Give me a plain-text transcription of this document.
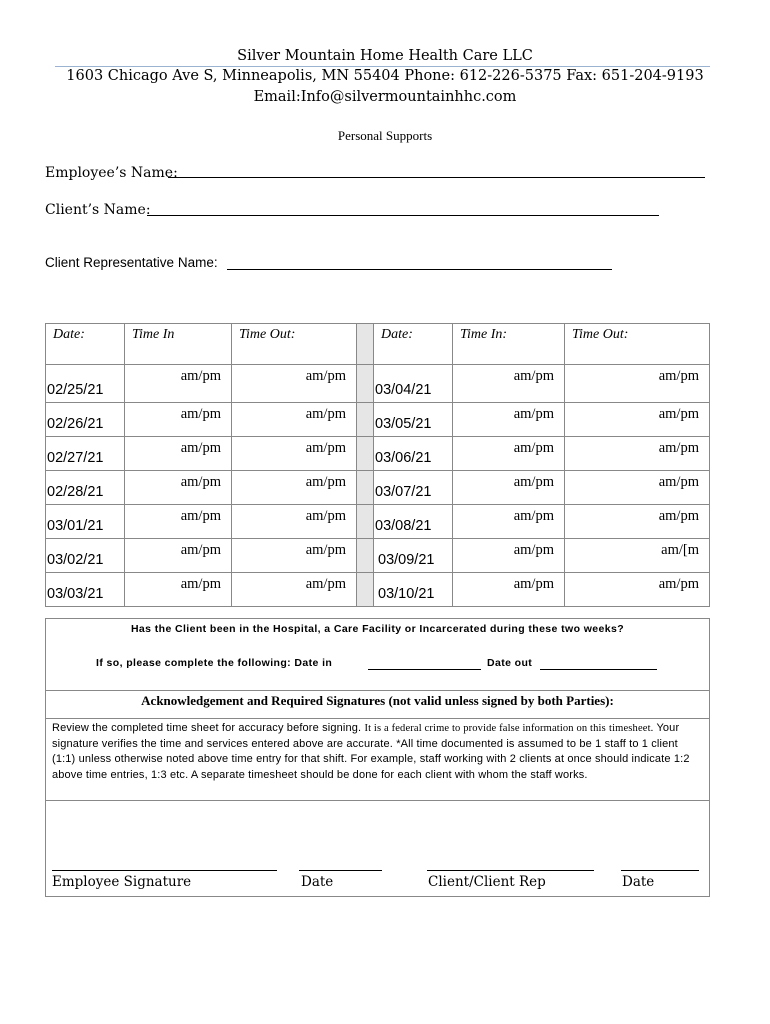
Silver Mountain Home Health Care LLC
1603 Chicago Ave S, Minneapolis, MN 55404 Phone: 612-226-5375 Fax: 651-204-9193
Email:Info@silvermountainhhc.com
Personal Supports
Employee’s Name:
Client’s Name:
Client Representative Name:
Date:	Time In	Time Out:		Date:	Time In:	Time Out:

02/25/21	am/pm	am/pm		03/04/21	am/pm	am/pm

02/26/21	am/pm	am/pm		03/05/21	am/pm	am/pm

02/27/21	am/pm	am/pm		03/06/21	am/pm	am/pm

02/28/21	am/pm	am/pm		03/07/21	am/pm	am/pm

03/01/21	am/pm	am/pm		03/08/21	am/pm	am/pm

03/02/21	am/pm	am/pm		03/09/21	am/pm	am/[m

03/03/21	am/pm	am/pm		03/10/21	am/pm	am/pm
Has the Client been in the Hospital, a Care Facility or Incarcerated during these two weeks?
If so, please complete the following: Date in	Date out
Acknowledgement and Required Signatures (not valid unless signed by both Parties):
Review the completed time sheet for accuracy before signing. It is a federal crime to provide false information on this timesheet. Your signature verifies the time and services entered above are accurate. *All time documented is assumed to be 1 staff to 1 client (1:1) unless otherwise noted above time entry for that shift. For example, staff working with 2 clients at once should indicate 1:2 above time entries, 1:3 etc. A separate timesheet should be done for each client with whom the staff works.
Employee Signature	Date	Client/Client Rep	Date
